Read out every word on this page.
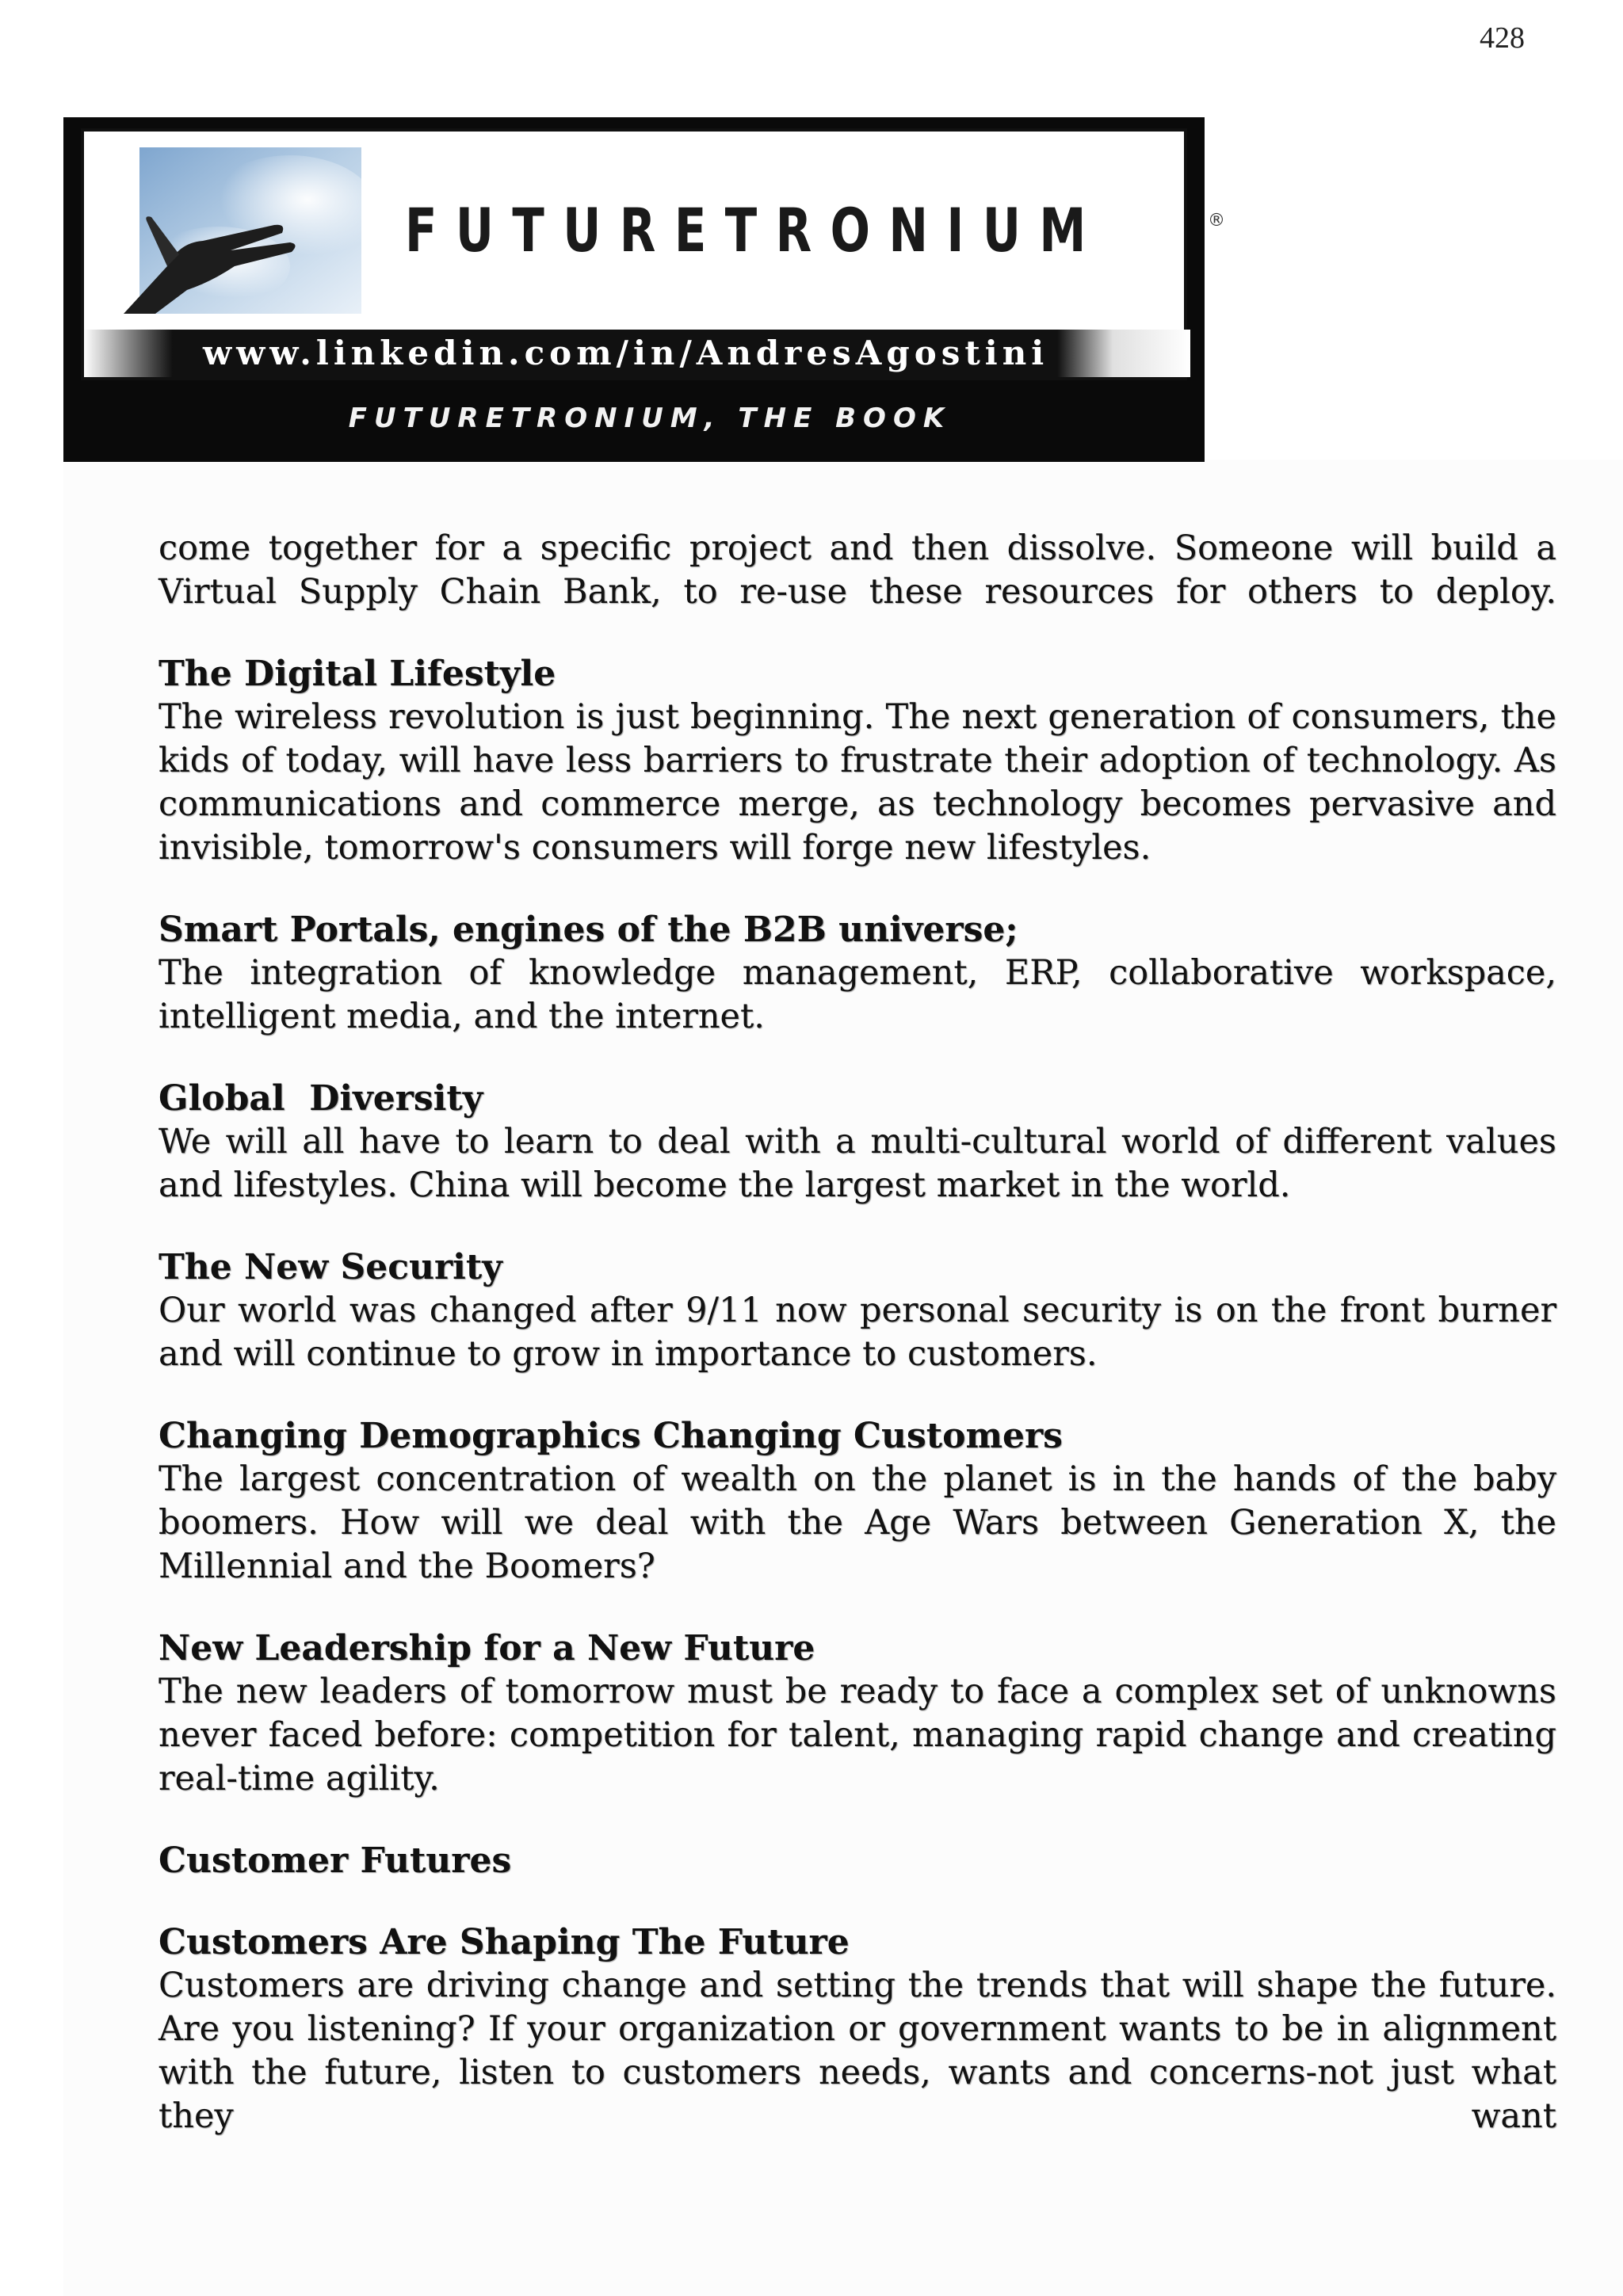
428
FUTURETRONIUM	®
www.linkedin.com/in/AndresAgostini
FUTURETRONIUM, THE BOOK

come together for a specific project and then dissolve. Someone will build a Virtual Supply Chain Bank, to re-use these resources for others to deploy.

The Digital Lifestyle

The wireless revolution is just beginning. The next generation of consumers, the kids of today, will have less barriers to frustrate their adoption of technology. As communications and commerce merge, as technology becomes pervasive and invisible, tomorrow's consumers will forge new lifestyles.

Smart Portals, engines of the B2B universe;

The integration of knowledge management, ERP, collaborative workspace, intelligent media, and the internet.

Global  Diversity

We will all have to learn to deal with a multi-cultural world of different values and lifestyles. China will become the largest market in the world.

The New Security

Our world was changed after 9/11 now personal security is on the front burner and will continue to grow in importance to customers.

Changing Demographics Changing Customers

The largest concentration of wealth on the planet is in the hands of the baby boomers. How will we deal with the Age Wars between Generation X, the Millennial and the Boomers?

New Leadership for a New Future

The new leaders of tomorrow must be ready to face a complex set of unknowns never faced before: competition for talent, managing rapid change and creating real-time agility.

Customer Futures
Customers Are Shaping The Future

Customers are driving change and setting the trends that will shape the future. Are you listening? If your organization or government wants to be in alignment with the future, listen to customers needs, wants and concerns-not just what they want
